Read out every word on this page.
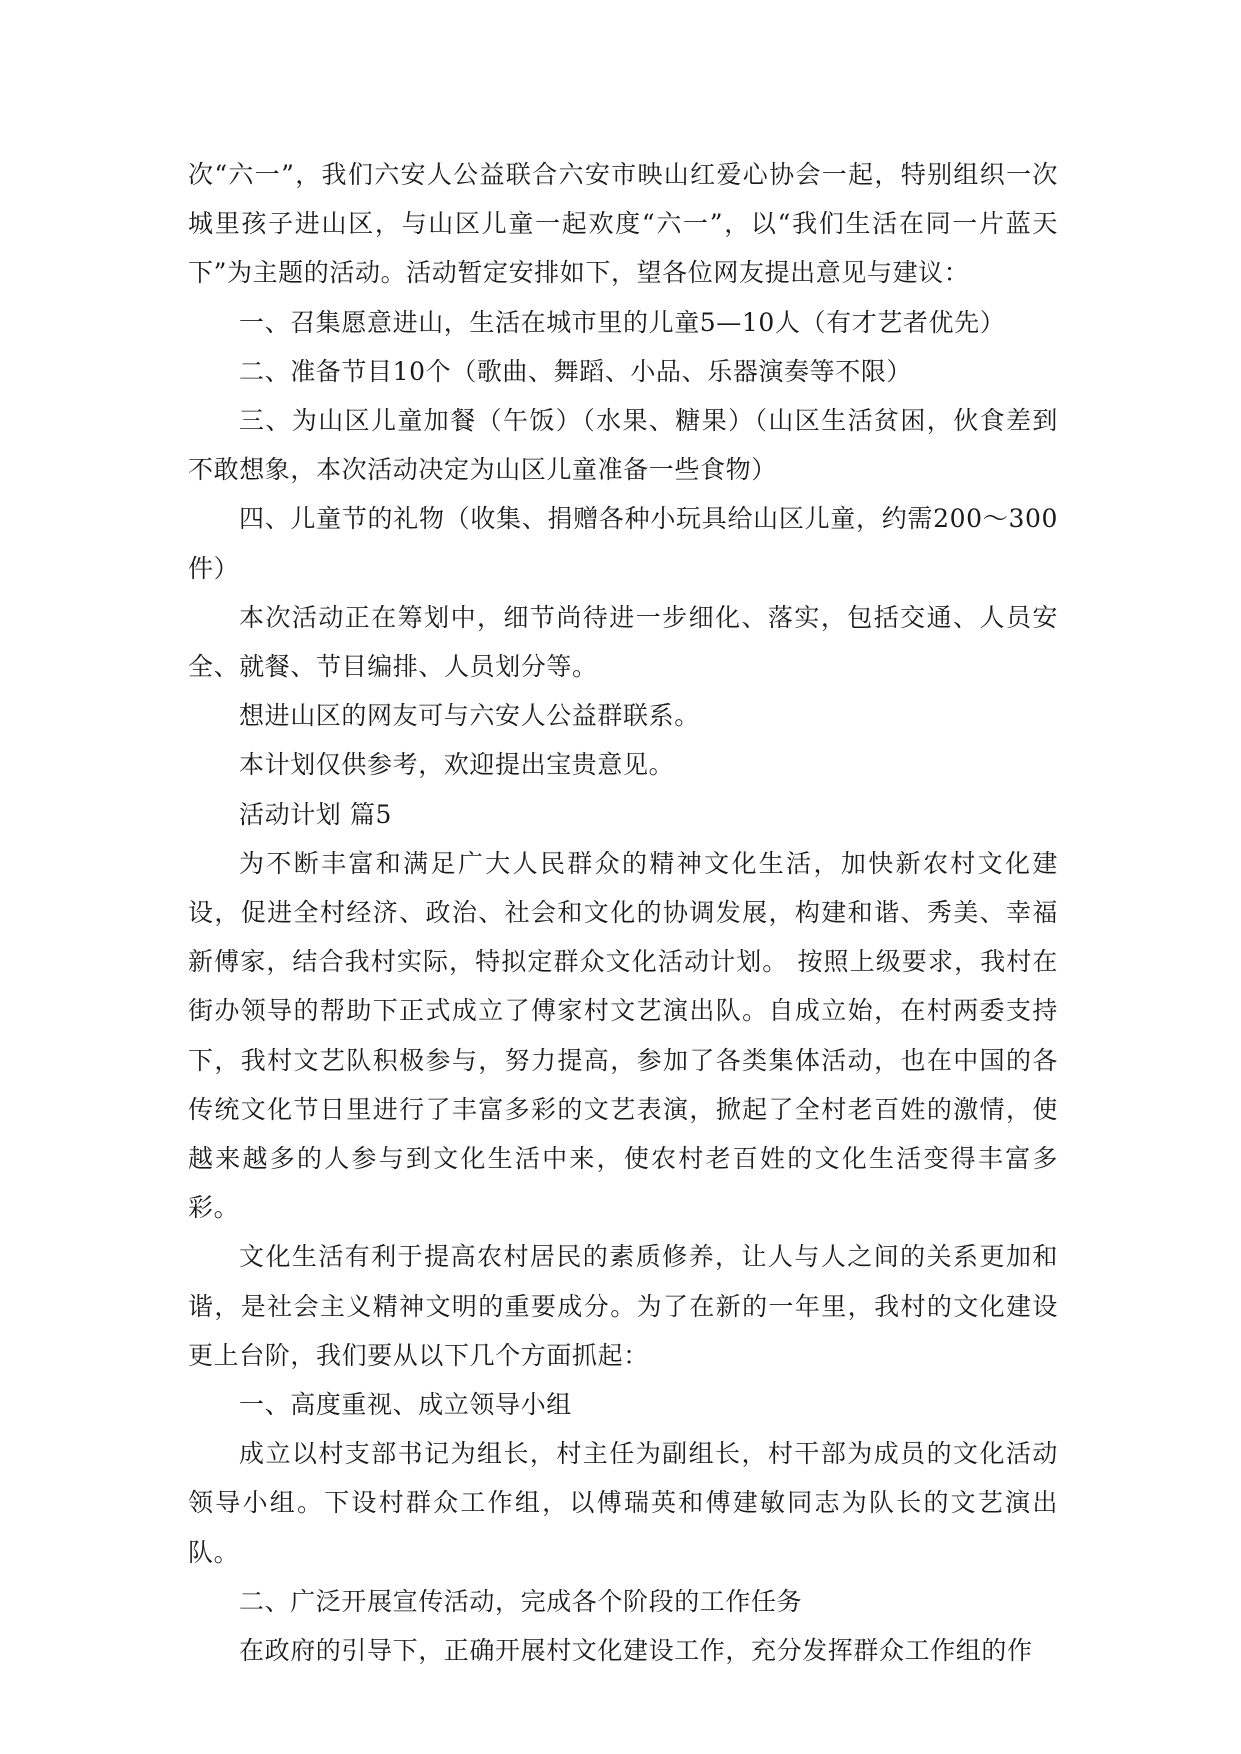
次“六一”，我们六安人公益联合六安市映山红爱心协会一起，特别组织一次城里孩子进山区，与山区儿童一起欢度“六一”，以“我们生活在同一片蓝天下”为主题的活动。活动暂定安排如下，望各位网友提出意见与建议：

一、召集愿意进山，生活在城市里的儿童5—10人（有才艺者优先）

二、准备节目10个（歌曲、舞蹈、小品、乐器演奏等不限）

三、为山区儿童加餐（午饭）（水果、糖果）（山区生活贫困，伙食差到不敢想象，本次活动决定为山区儿童准备一些食物）

四、儿童节的礼物（收集、捐赠各种小玩具给山区儿童，约需200～300件）

本次活动正在筹划中，细节尚待进一步细化、落实，包括交通、人员安全、就餐、节目编排、人员划分等。

想进山区的网友可与六安人公益群联系。

本计划仅供参考，欢迎提出宝贵意见。

活动计划 篇5

为不断丰富和满足广大人民群众的精神文化生活，加快新农村文化建设，促进全村经济、政治、社会和文化的协调发展，构建和谐、秀美、幸福新傅家，结合我村实际，特拟定群众文化活动计划。 按照上级要求，我村在街办领导的帮助下正式成立了傅家村文艺演出队。自成立始，在村两委支持下，我村文艺队积极参与，努力提高，参加了各类集体活动，也在中国的各传统文化节日里进行了丰富多彩的文艺表演，掀起了全村老百姓的激情，使越来越多的人参与到文化生活中来，使农村老百姓的文化生活变得丰富多彩。

文化生活有利于提高农村居民的素质修养，让人与人之间的关系更加和谐，是社会主义精神文明的重要成分。为了在新的一年里，我村的文化建设更上台阶，我们要从以下几个方面抓起：

一、高度重视、成立领导小组

成立以村支部书记为组长，村主任为副组长，村干部为成员的文化活动领导小组。下设村群众工作组，以傅瑞英和傅建敏同志为队长的文艺演出队。

二、广泛开展宣传活动，完成各个阶段的工作任务

在政府的引导下，正确开展村文化建设工作，充分发挥群众工作组的作
